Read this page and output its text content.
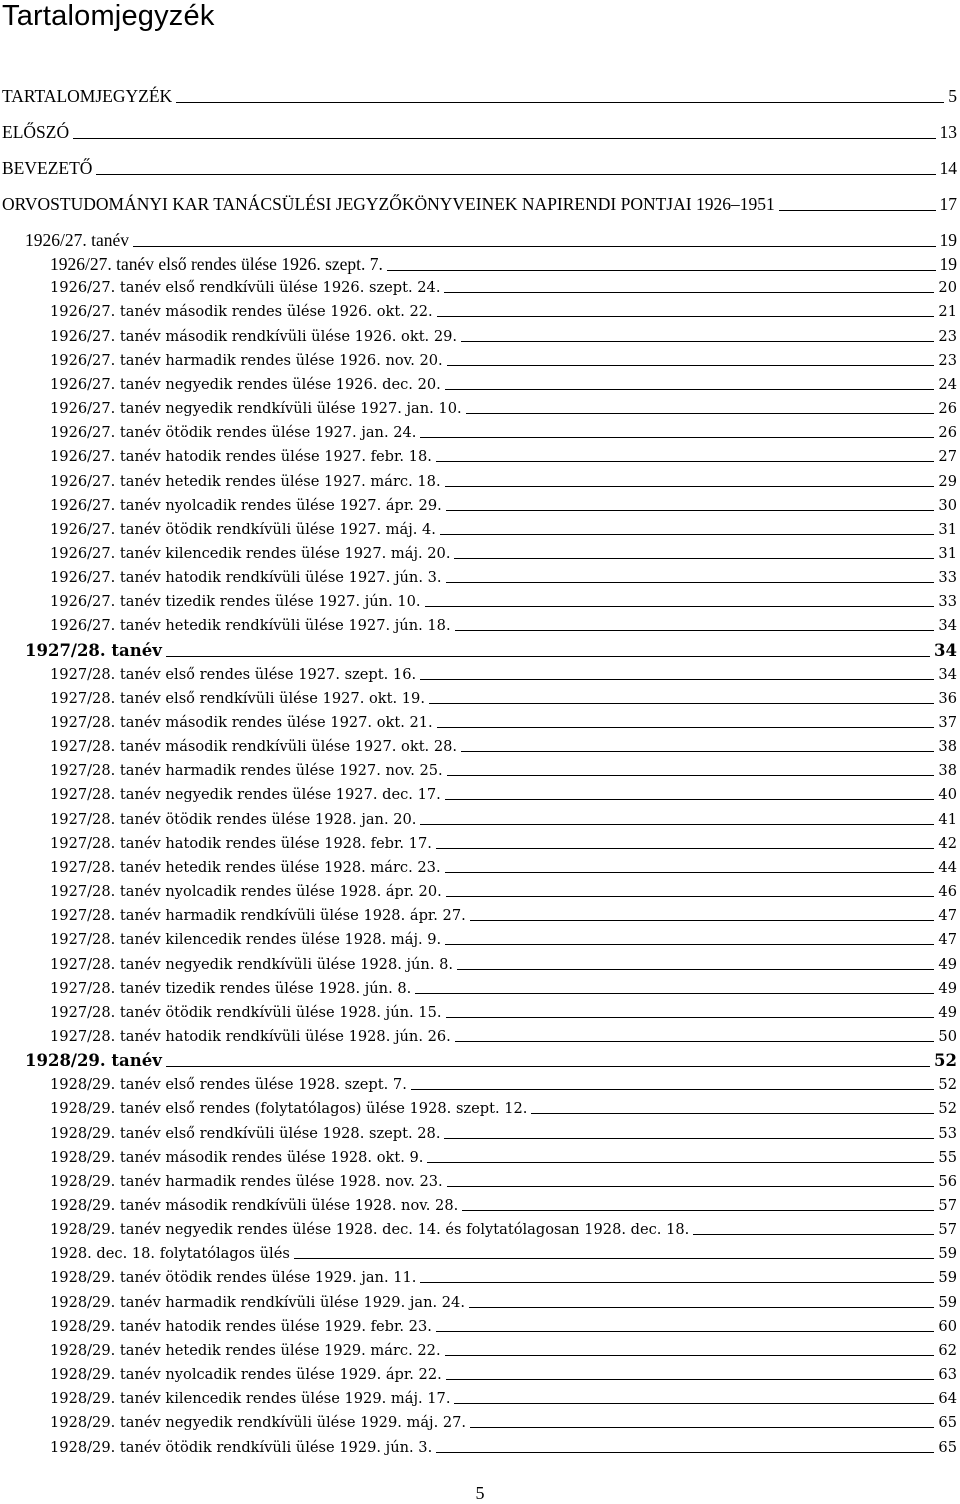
Tartalomjegyzék
TARTALOMJEGYZÉK	5
ELŐSZÓ	13
BEVEZETŐ	14
ORVOSTUDOMÁNYI KAR TANÁCSÜLÉSI JEGYZŐKÖNYVEINEK NAPIRENDI PONTJAI 1926–1951	17
1926/27. tanév	19
1926/27. tanév első rendes ülése 1926. szept. 7.	19
1926/27. tanév első rendkívüli ülése 1926. szept. 24.	20
1926/27. tanév második rendes ülése 1926. okt. 22.	21
1926/27. tanév második rendkívüli ülése 1926. okt. 29.	23
1926/27. tanév harmadik rendes ülése 1926. nov. 20.	23
1926/27. tanév negyedik rendes ülése 1926. dec. 20.	24
1926/27. tanév negyedik rendkívüli ülése 1927. jan. 10.	26
1926/27. tanév ötödik rendes ülése 1927. jan. 24.	26
1926/27. tanév hatodik rendes ülése 1927. febr. 18.	27
1926/27. tanév hetedik rendes ülése 1927. márc. 18.	29
1926/27. tanév nyolcadik rendes ülése 1927. ápr. 29.	30
1926/27. tanév ötödik rendkívüli ülése 1927. máj. 4.	31
1926/27. tanév kilencedik rendes ülése 1927. máj. 20.	31
1926/27. tanév hatodik rendkívüli ülése 1927. jún. 3.	33
1926/27. tanév tizedik rendes ülése 1927. jún. 10.	33
1926/27. tanév hetedik rendkívüli ülése 1927. jún. 18.	34
1927/28. tanév	34
1927/28. tanév első rendes ülése 1927. szept. 16.	34
1927/28. tanév első rendkívüli ülése 1927. okt. 19.	36
1927/28. tanév második rendes ülése 1927. okt. 21.	37
1927/28. tanév második rendkívüli ülése 1927. okt. 28.	38
1927/28. tanév harmadik rendes ülése 1927. nov. 25.	38
1927/28. tanév negyedik rendes ülése 1927. dec. 17.	40
1927/28. tanév ötödik rendes ülése 1928. jan. 20.	41
1927/28. tanév hatodik rendes ülése 1928. febr. 17.	42
1927/28. tanév hetedik rendes ülése 1928. márc. 23.	44
1927/28. tanév nyolcadik rendes ülése 1928. ápr. 20.	46
1927/28. tanév harmadik rendkívüli ülése 1928. ápr. 27.	47
1927/28. tanév kilencedik rendes ülése 1928. máj. 9.	47
1927/28. tanév negyedik rendkívüli ülése 1928. jún. 8.	49
1927/28. tanév tizedik rendes ülése 1928. jún. 8.	49
1927/28. tanév ötödik rendkívüli ülése 1928. jún. 15.	49
1927/28. tanév hatodik rendkívüli ülése 1928. jún. 26.	50
1928/29. tanév	52
1928/29. tanév első rendes ülése 1928. szept. 7.	52
1928/29. tanév első rendes (folytatólagos) ülése 1928. szept. 12.	52
1928/29. tanév első rendkívüli ülése 1928. szept. 28.	53
1928/29. tanév második rendes ülése 1928. okt. 9.	55
1928/29. tanév harmadik rendes ülése 1928. nov. 23.	56
1928/29. tanév második rendkívüli ülése 1928. nov. 28.	57
1928/29. tanév negyedik rendes ülése 1928. dec. 14. és folytatólagosan 1928. dec. 18.	57
1928. dec. 18. folytatólagos ülés	59
1928/29. tanév ötödik rendes ülése 1929. jan. 11.	59
1928/29. tanév harmadik rendkívüli ülése 1929. jan. 24.	59
1928/29. tanév hatodik rendes ülése 1929. febr. 23.	60
1928/29. tanév hetedik rendes ülése 1929. márc. 22.	62
1928/29. tanév nyolcadik rendes ülése 1929. ápr. 22.	63
1928/29. tanév kilencedik rendes ülése 1929. máj. 17.	64
1928/29. tanév negyedik rendkívüli ülése 1929. máj. 27.	65
1928/29. tanév ötödik rendkívüli ülése 1929. jún. 3.	65
5
